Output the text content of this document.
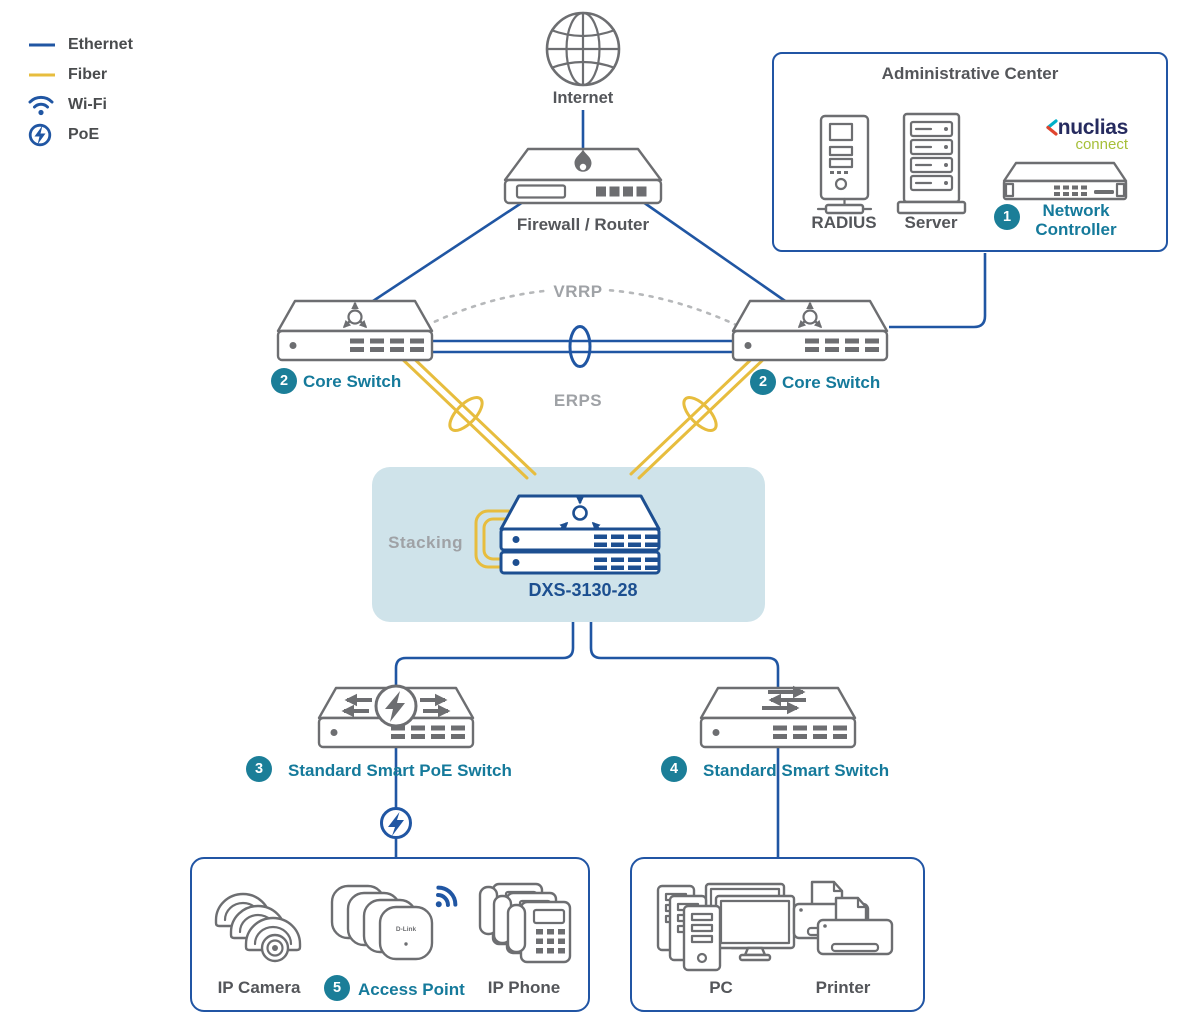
D-Link
Ethernet
Fiber
Wi-Fi
PoE
Internet
Firewall / Router
Administrative Center
RADIUS Server
nuclias
connect
1	Network Controller
VRRP
ERPS
2 Core Switch	2 Core Switch
Stacking
DXS-3130-28
3	Standard Smart PoE Switch	4	Standard Smart Switch
IP Camera	5 Access Point IP Phone	PC	Printer
